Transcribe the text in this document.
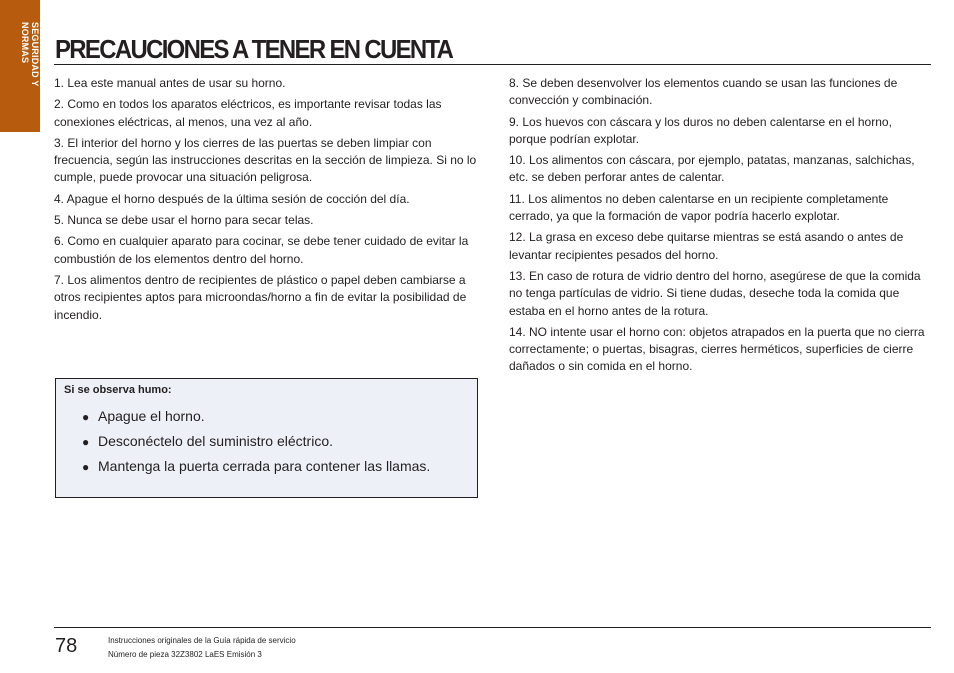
SEGURIDAD Y
NORMAS PRECAUCIONES A TENER EN CUENTA

1. Lea este manual antes de usar su horno.

2. Como en todos los aparatos eléctricos, es importante revisar todas las conexiones eléctricas, al menos, una vez al año.

3. El interior del horno y los cierres de las puertas se deben limpiar con frecuencia, según las instrucciones descritas en la sección de limpieza. Si no lo cumple, puede provocar una situación peligrosa.

4. Apague el horno después de la última sesión de cocción del día.

5. Nunca se debe usar el horno para secar telas.

6. Como en cualquier aparato para cocinar, se debe tener cuidado de evitar la combustión de los elementos dentro del horno.

7. Los alimentos dentro de recipientes de plástico o papel deben cambiarse a otros recipientes aptos para microondas/horno a fin de evitar la posibilidad de incendio.

8. Se deben desenvolver los elementos cuando se usan las funciones de convección y combinación.

9. Los huevos con cáscara y los duros no deben calentarse en el horno, porque podrían explotar.

10. Los alimentos con cáscara, por ejemplo, patatas, manzanas, salchichas, etc. se deben perforar antes de calentar.

11. Los alimentos no deben calentarse en un recipiente completamente cerrado, ya que la formación de vapor podría hacerlo explotar.

12. La grasa en exceso debe quitarse mientras se está asando o antes de levantar recipientes pesados del horno.

13. En caso de rotura de vidrio dentro del horno, asegúrese de que la comida no tenga partículas de vidrio. Si tiene dudas, deseche toda la comida que estaba en el horno antes de la rotura.

14. NO intente usar el horno con: objetos atrapados en la puerta que no cierra correctamente; o puertas, bisagras, cierres herméticos, superficies de cierre dañados o sin comida en el horno.

Si se observa humo:
● Apague el horno.
● Desconéctelo del suministro eléctrico.
● Mantenga la puerta cerrada para contener las llamas.
78	Instrucciones originales de la Guía rápida de servicio
Número de pieza 32Z3802 LaES Emisión 3
